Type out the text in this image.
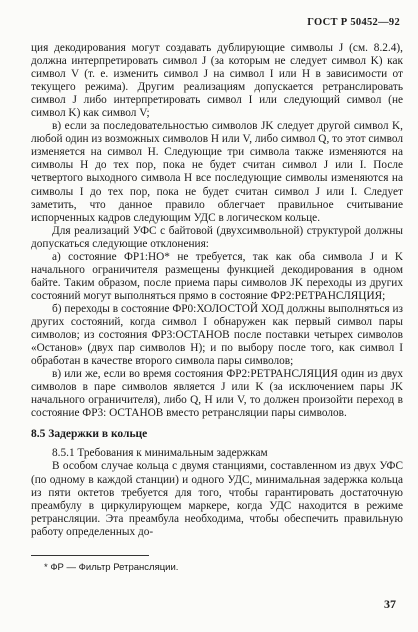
ГОСТ Р 50452—92

ция декодирования могут создавать дублирующие символы J (см. 8.2.4), должна интерпретировать символ J (за которым не следует символ K) как символ V (т. е. изменить символ J на символ I или H в зависимости от текущего режима). Другим реализациям допускается ретранслировать символ J либо интерпретировать символ I или следующий символ (не символ K) как символ V;

в) если за последовательностью символов JK следует другой символ K, любой один из возможных символов H или V, либо символ Q, то этот символ изменяется на символ H. Следующие три символа также изменяются на символы H до тех пор, пока не будет считан символ J или I. После четвертого выходного символа H все последующие символы изменяются на символы I до тех пор, пока не будет считан символ J или I. Следует заметить, что данное правило облегчает правильное считывание испорченных кадров следующим УДС в логическом кольце.

Для реализаций УФС с байтовой (двухсимвольной) структурой должны допускаться следующие отклонения:

а) состояние ФР1:НО* не требуется, так как оба символа J и K начального ограничителя размещены функцией декодирования в одном байте. Таким образом, после приема пары символов JK переходы из других состояний могут выполняться прямо в состояние ФР2:РЕТРАНСЛЯЦИЯ;

б) переходы в состояние ФР0:ХОЛОСТОЙ ХОД должны выполняться из других состояний, когда символ I обнаружен как первый символ пары символов; из состояния ФР3:ОСТАНОВ после поставки четырех символов «Останов» (двух пар символов H); и по выбору после того, как символ I обработан в качестве второго символа пары символов;

в) или же, если во время состояния ФР2:РЕТРАНСЛЯЦИЯ один из двух символов в паре символов является J или K (за исключением пары JK начального ограничителя), либо Q, H или V, то должен произойти переход в состояние ФР3: ОСТАНОВ вместо ретрансляции пары символов.

8.5 Задержки в кольце
8.5.1 Требования к минимальным задержкам

В особом случае кольца с двумя станциями, составленном из двух УФС (по одному в каждой станции) и одного УДС, минимальная задержка кольца из пяти октетов требуется для того, чтобы гарантировать достаточную преамбулу в циркулирующем маркере, когда УДС находится в режиме ретрансляции. Эта преамбула необходима, чтобы обеспечить правильную работу определенных до-

* ФР — Фильтр Ретрансляции.
37
